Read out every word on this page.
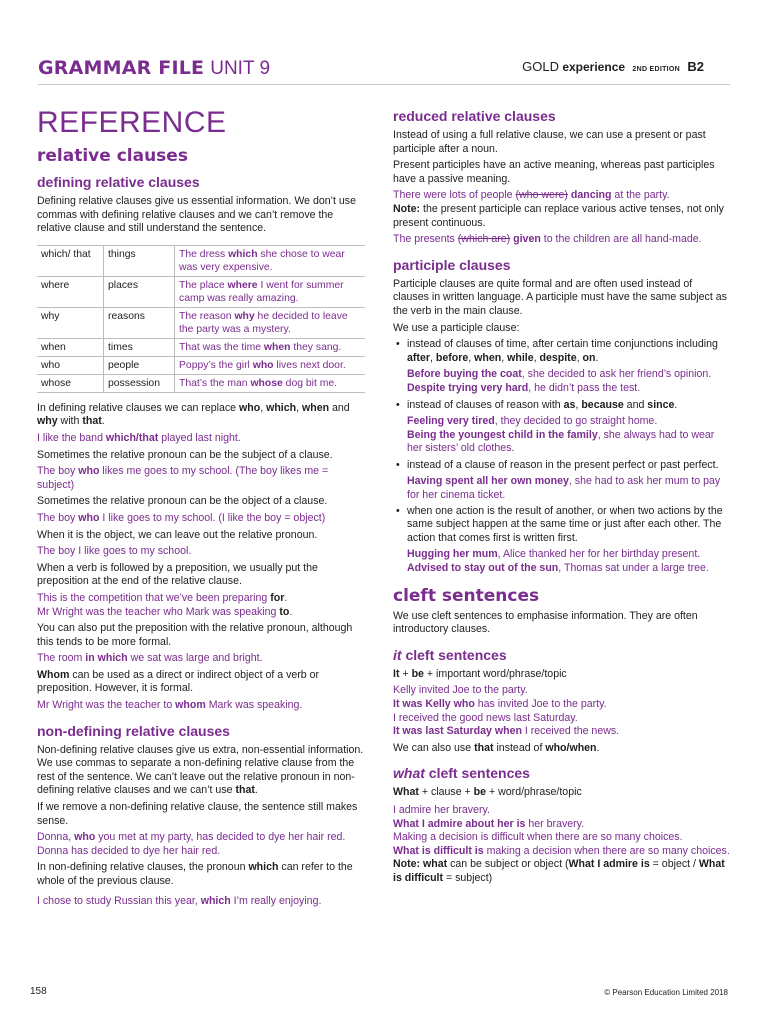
GRAMMAR FILE UNIT 9	GOLD experience 2ND EDITION B2
REFERENCE
relative clauses
defining relative clauses

Defining relative clauses give us essential information. We don’t use commas with defining relative clauses and we can’t remove the relative clause and still understand the sentence.

which/ that	things	The dress which she chose to wear was very expensive.
where	places	The place where I went for summer camp was really amazing.
why	reasons	The reason why he decided to leave the party was a mystery.
when	times	That was the time when they sang.
who	people	Poppy’s the girl who lives next door.
whose	possession	That’s the man whose dog bit me.

In defining relative clauses we can replace who, which, when and why with that.

I like the band which/that played last night.

Sometimes the relative pronoun can be the subject of a clause.

The boy who likes me goes to my school. (The boy likes me = subject)

Sometimes the relative pronoun can be the object of a clause.

The boy who I like goes to my school. (I like the boy = object)

When it is the object, we can leave out the relative pronoun.

The boy I like goes to my school.

When a verb is followed by a preposition, we usually put the preposition at the end of the relative clause.

This is the competition that we’ve been preparing for.

Mr Wright was the teacher who Mark was speaking to.

You can also put the preposition with the relative pronoun, although this tends to be more formal.

The room in which we sat was large and bright.

Whom can be used as a direct or indirect object of a verb or preposition. However, it is formal.

Mr Wright was the teacher to whom Mark was speaking.

non-defining relative clauses

Non-defining relative clauses give us extra, non-essential information. We use commas to separate a non-defining relative clause from the rest of the sentence. We can’t leave out the relative pronoun in non-defining relative clauses and we can’t use that.

If we remove a non-defining relative clause, the sentence still makes sense.

Donna, who you met at my party, has decided to dye her hair red.

Donna has decided to dye her hair red.

In non-defining relative clauses, the pronoun which can refer to the whole of the previous clause.

I chose to study Russian this year, which I’m really enjoying.

reduced relative clauses

Instead of using a full relative clause, we can use a present or past participle after a noun.

Present participles have an active meaning, whereas past participles have a passive meaning.

There were lots of people (who were) dancing at the party.

Note: the present participle can replace various active tenses, not only present continuous.

The presents (which are) given to the children are all hand-made.

participle clauses

Participle clauses are quite formal and are often used instead of clauses in written language. A participle must have the same subject as the verb in the main clause.

We use a participle clause:

• instead of clauses of time, after certain time conjunctions including after, before, when, while, despite, on.

Before buying the coat, she decided to ask her friend’s opinion.

Despite trying very hard, he didn’t pass the test.

• instead of clauses of reason with as, because and since.

Feeling very tired, they decided to go straight home.

Being the youngest child in the family, she always had to wear her sisters’ old clothes.

• instead of a clause of reason in the present perfect or past perfect.

Having spent all her own money, she had to ask her mum to pay for her cinema ticket.

• when one action is the result of another, or when two actions by the same subject happen at the same time or just after each other. The action that comes first is written first.

Hugging her mum, Alice thanked her for her birthday present.

Advised to stay out of the sun, Thomas sat under a large tree.

cleft sentences

We use cleft sentences to emphasise information. They are often introductory clauses.

it cleft sentences

It + be + important word/phrase/topic

Kelly invited Joe to the party.

It was Kelly who has invited Joe to the party.

I received the good news last Saturday.

It was last Saturday when I received the news.

We can also use that instead of who/when.

what cleft sentences

What + clause + be + word/phrase/topic

I admire her bravery.

What I admire about her is her bravery.

Making a decision is difficult when there are so many choices.

What is difficult is making a decision when there are so many choices.

Note: what can be subject or object (What I admire is = object / What is difficult = subject)

158	© Pearson Education Limited 2018
